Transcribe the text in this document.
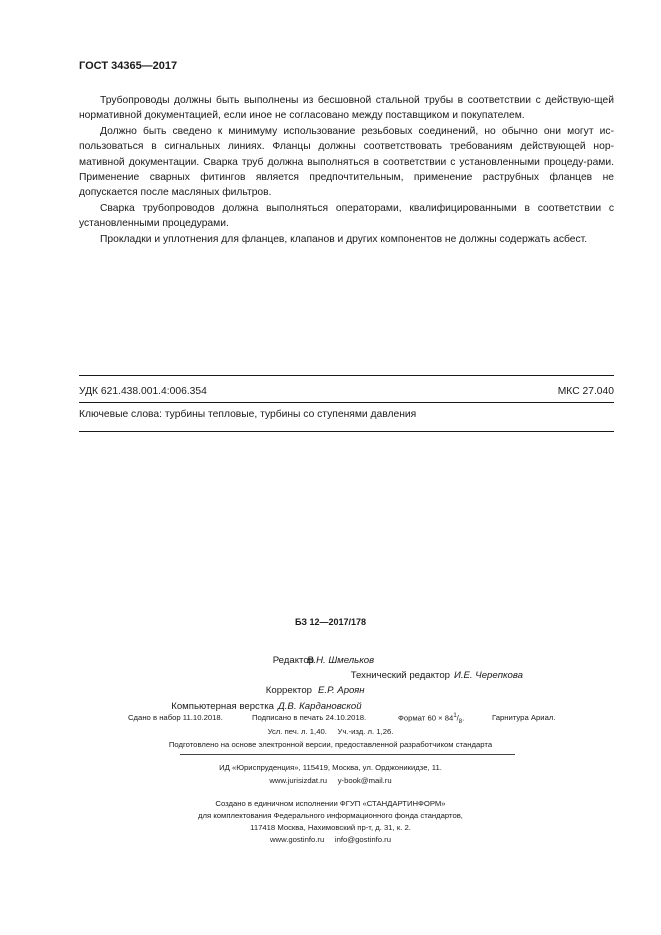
ГОСТ 34365—2017

Трубопроводы должны быть выполнены из бесшовной стальной трубы в соответствии с действую-щей нормативной документацией, если иное не согласовано между поставщиком и покупателем.

Должно быть сведено к минимуму использование резьбовых соединений, но обычно они могут ис-пользоваться в сигнальных линиях. Фланцы должны соответствовать требованиям действующей нор-мативной документации. Сварка труб должна выполняться в соответствии с установленными процеду-рами. Применение сварных фитингов является предпочтительным, применение раструбных фланцев не допускается после масляных фильтров.

Сварка трубопроводов должна выполняться операторами, квалифицированными в соответствии с установленными процедурами.

Прокладки и уплотнения для фланцев, клапанов и других компонентов не должны содержать асбест.

УДК 621.438.001.4:006.354	МКС 27.040
Ключевые слова: турбины тепловые, турбины со ступенями давления
БЗ 12—2017/178
Редактор
В.Н. Шмельков
Технический редактор И.Е. Черепкова
Корректор Е.Р. Ароян
Компьютерная верстка Д.В. Кардановской
Сдано в набор 11.10.2018.	Подписано в печать 24.10.2018.	Формат $60 \times 84^1/_8$.	Гарнитура Ариал.
Усл. печ. л. 1,40.     Уч.-изд. л. 1,26.
Подготовлено на основе электронной версии, предоставленной разработчиком стандарта
ИД «Юриспруденция», 115419, Москва, ул. Орджоникидзе, 11.
www.jurisizdat.ru     y-book@mail.ru
Создано в единичном исполнении ФГУП «СТАНДАРТИНФОРМ»
для комплектования Федерального информационного фонда стандартов,
117418 Москва, Нахимовский пр-т, д. 31, к. 2.
www.gostinfo.ru     info@gostinfo.ru
